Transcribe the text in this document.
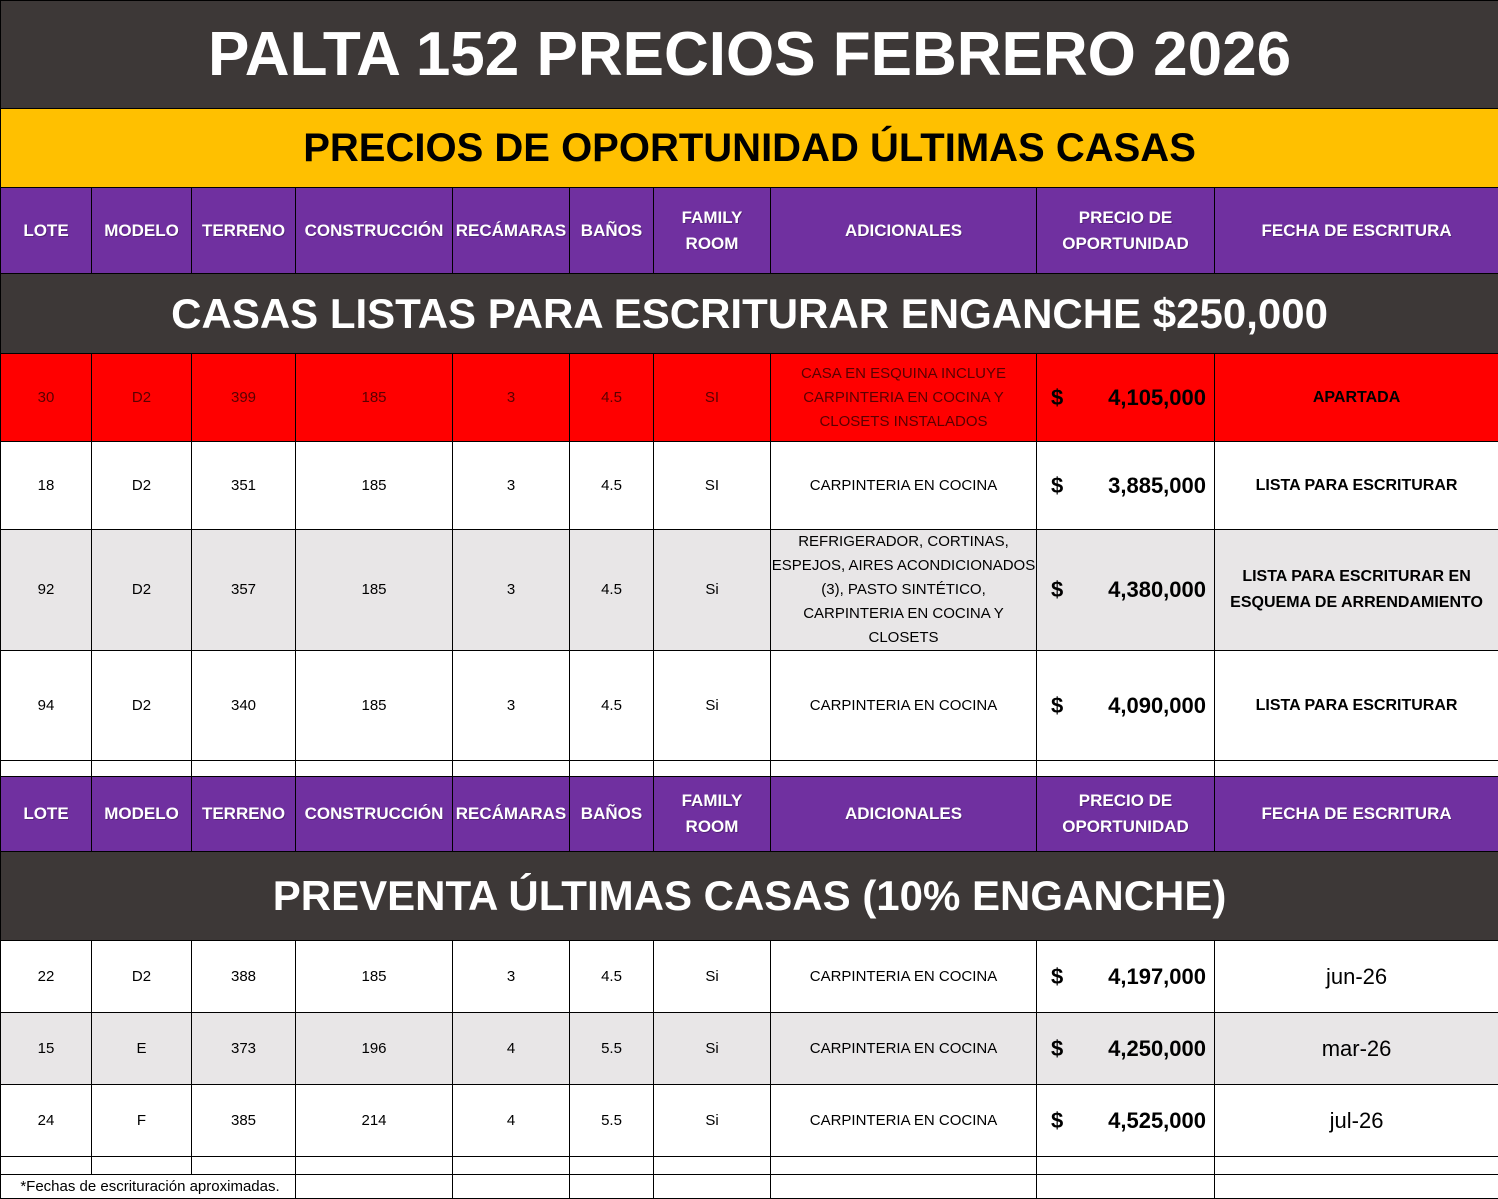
PALTA 152 PRECIOS FEBRERO 2026									
PRECIOS DE OPORTUNIDAD ÚLTIMAS CASAS									
LOTE	MODELO	TERRENO	CONSTRUCCIÓN	RECÁMARAS	BAÑOS	FAMILY ROOM	ADICIONALES	PRECIO DE OPORTUNIDAD	FECHA DE ESCRITURA
CASAS LISTAS PARA ESCRITURAR ENGANCHE $250,000									
30	D2	399	185	3	4.5	SI	CASA EN ESQUINA INCLUYE CARPINTERIA EN COCINA Y CLOSETS INSTALADOS	$ 4,105,000	APARTADA
18	D2	351	185	3	4.5	SI	CARPINTERIA EN COCINA	$ 3,885,000	LISTA PARA ESCRITURAR
92	D2	357	185	3	4.5	Si	REFRIGERADOR, CORTINAS, ESPEJOS, AIRES ACONDICIONADOS (3), PASTO SINTÉTICO, CARPINTERIA EN COCINA Y CLOSETS	$ 4,380,000	LISTA PARA ESCRITURAR EN ESQUEMA DE ARRENDAMIENTO
94	D2	340	185	3	4.5	Si	CARPINTERIA EN COCINA	$ 4,090,000	LISTA PARA ESCRITURAR

LOTE	MODELO	TERRENO	CONSTRUCCIÓN	RECÁMARAS	BAÑOS	FAMILY ROOM	ADICIONALES	PRECIO DE OPORTUNIDAD	FECHA DE ESCRITURA
PREVENTA ÚLTIMAS CASAS (10% ENGANCHE)									
22	D2	388	185	3	4.5	Si	CARPINTERIA EN COCINA	$ 4,197,000	jun-26
15	E	373	196	4	5.5	Si	CARPINTERIA EN COCINA	$ 4,250,000	mar-26
24	F	385	214	4	5.5	Si	CARPINTERIA EN COCINA	$ 4,525,000	jul-26

*Fechas de escrituración aproximadas.									
